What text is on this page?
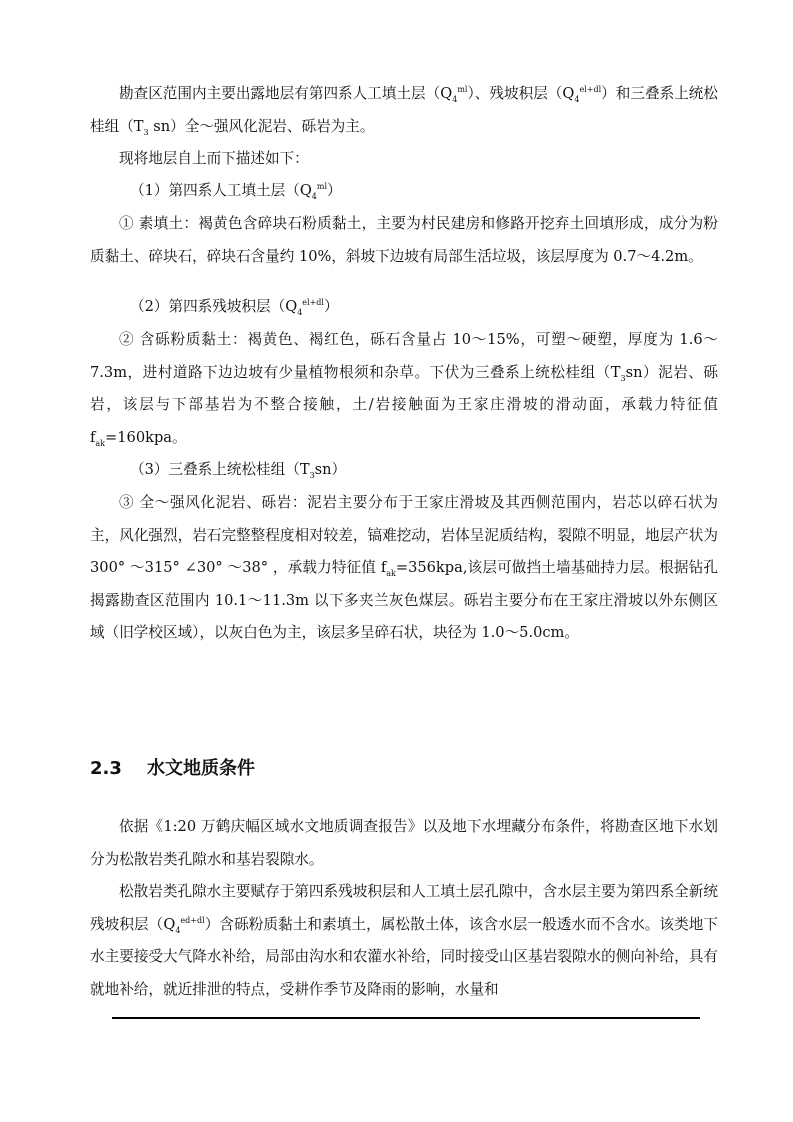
勘查区范围内主要出露地层有第四系人工填土层$(Q_4^{ml})$、残坡积层$(Q_4^{el+dl})$和三叠系上统松桂组（$T_3$ sn）全～强风化泥岩、砾岩为主。

现将地层自上而下描述如下：

（1）第四系人工填土层$(Q_4^{ml})$

① 素填土：褐黄色含碎块石粉质黏土，主要为村民建房和修路开挖弃土回填形成，成分为粉质黏土、碎块石，碎块石含量约 10%，斜坡下边坡有局部生活垃圾，该层厚度为 0.7～4.2m。

（2）第四系残坡积层$(Q_4^{el+dl})$

② 含砾粉质黏土：褐黄色、褐红色，砾石含量占 10～15%，可塑～硬塑，厚度为 1.6～7.3m，进村道路下边边坡有少量植物根须和杂草。下伏为三叠系上统松桂组$(T_3sn)$泥岩、砾岩，该层与下部基岩为不整合接触，土/岩接触面为王家庄滑坡的滑动面，承载力特征值 $f_{ak}=160kpa$。

（3）三叠系上统松桂组$(T_3sn)$

③ 全～强风化泥岩、砾岩：泥岩主要分布于王家庄滑坡及其西侧范围内，岩芯以碎石状为主，风化强烈，岩石完整整程度相对较差，镐难挖动，岩体呈泥质结构，裂隙不明显，地层产状为 300° ～315° ∠30° ～38° ，承载力特征值 $f_{ak}=356kpa$,该层可做挡土墙基础持力层。根据钻孔揭露勘查区范围内 10.1～11.3m 以下多夹兰灰色煤层。砾岩主要分布在王家庄滑坡以外东侧区域（旧学校区域），以灰白色为主，该层多呈碎石状，块径为 1.0～5.0cm。

2.3 水文地质条件

依据《1:20 万鹤庆幅区域水文地质调查报告》以及地下水埋藏分布条件，将勘查区地下水划分为松散岩类孔隙水和基岩裂隙水。

松散岩类孔隙水主要赋存于第四系残坡积层和人工填土层孔隙中，含水层主要为第四系全新统残坡积层$(Q_4^{ed+dl})$含砾粉质黏土和素填土，属松散土体，该含水层一般透水而不含水。该类地下水主要接受大气降水补给，局部由沟水和农灌水补给，同时接受山区基岩裂隙水的侧向补给，具有就地补给，就近排泄的特点，受耕作季节及降雨的影响，水量和
